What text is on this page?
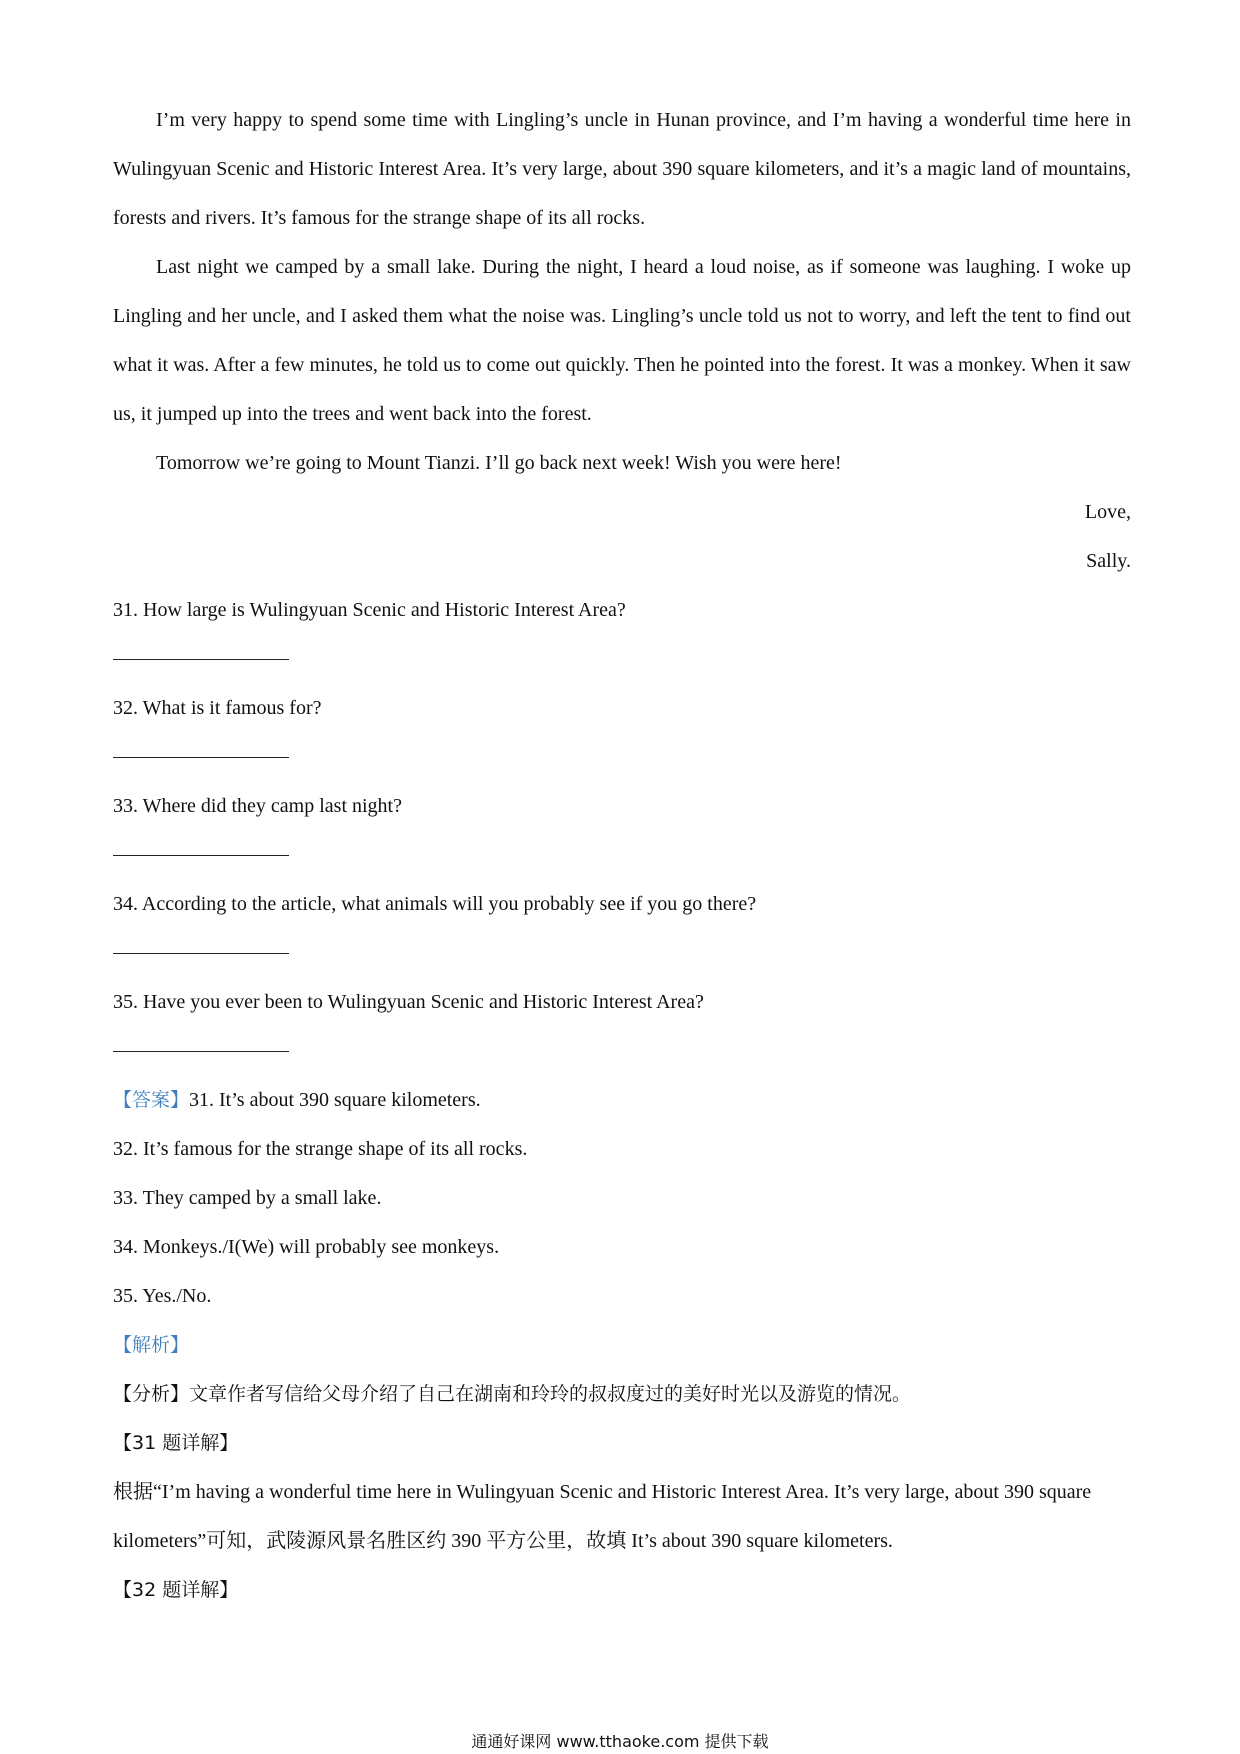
I’m very happy to spend some time with Lingling’s uncle in Hunan province, and I’m having a wonderful time here in Wulingyuan Scenic and Historic Interest Area. It’s very large, about 390 square kilometers, and it’s a magic land of mountains, forests and rivers. It’s famous for the strange shape of its all rocks.

Last night we camped by a small lake. During the night, I heard a loud noise, as if someone was laughing. I woke up Lingling and her uncle, and I asked them what the noise was. Lingling’s uncle told us not to worry, and left the tent to find out what it was. After a few minutes, he told us to come out quickly. Then he pointed into the forest. It was a monkey. When it saw us, it jumped up into the trees and went back into the forest.

Tomorrow we’re going to Mount Tianzi. I’ll go back next week! Wish you were here!

Love,

Sally.

31. How large is Wulingyuan Scenic and Historic Interest Area?

32. What is it famous for?

33. Where did they camp last night?

34. According to the article, what animals will you probably see if you go there?

35. Have you ever been to Wulingyuan Scenic and Historic Interest Area?

【答案】31. It’s about 390 square kilometers.

32. It’s famous for the strange shape of its all rocks.

33. They camped by a small lake.

34. Monkeys./I(We) will probably see monkeys.

35. Yes./No.

【解析】

【分析】文章作者写信给父母介绍了自己在湖南和玲玲的叔叔度过的美好时光以及游览的情况。

【31 题详解】

根据“I’m having a wonderful time here in Wulingyuan Scenic and Historic Interest Area. It’s very large, about 390 square kilometers”可知，武陵源风景名胜区约 390 平方公里，故填 It’s about 390 square kilometers.

【32 题详解】

通通好课网 www.tthaoke.com 提供下载
